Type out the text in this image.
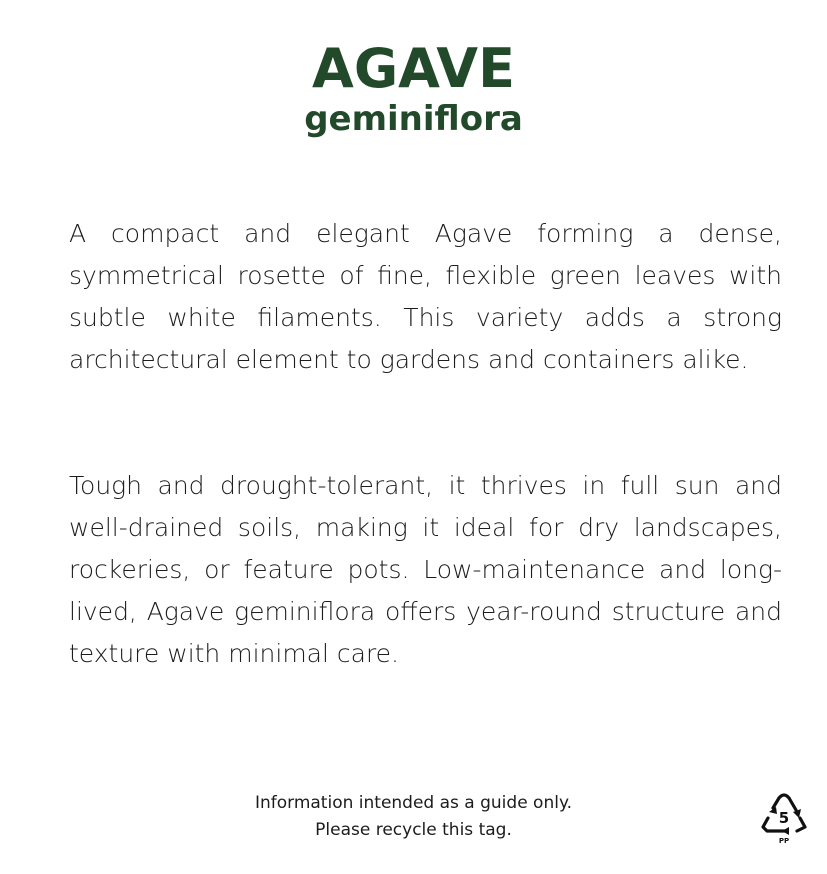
AGAVE
geminiflora

A compact and elegant Agave forming a dense, symmetrical rosette of fine, flexible green leaves with subtle white filaments. This variety adds a strong architectural element to gardens and containers alike.

Tough and drought-tolerant, it thrives in full sun and well-drained soils, making it ideal for dry landscapes, rockeries, or feature pots. Low-maintenance and long-lived, Agave geminiflora offers year-round structure and texture with minimal care.

Information intended as a guide only.
Please recycle this tag.
5
PP
